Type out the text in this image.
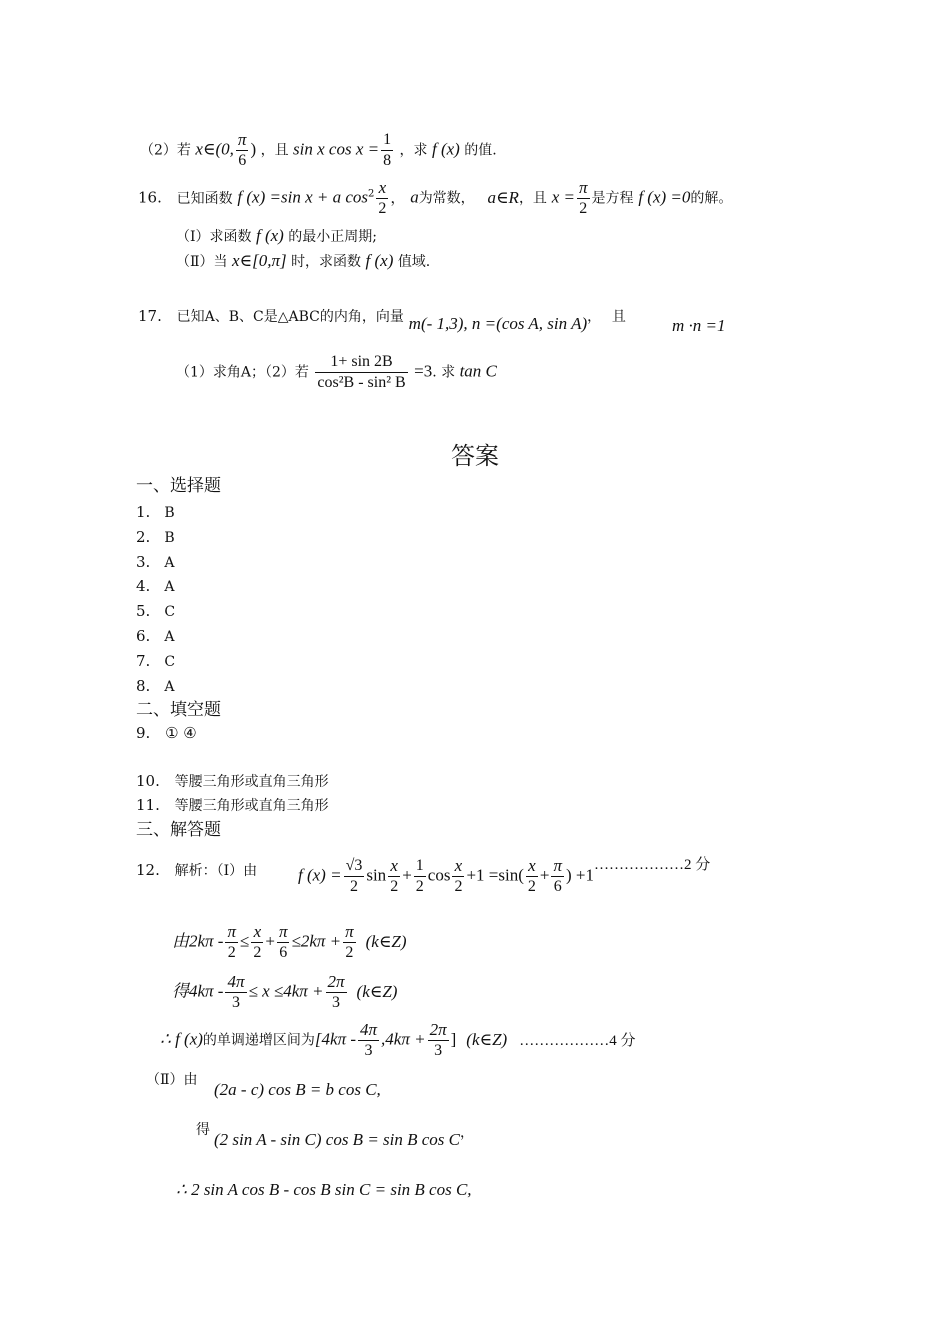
（2）若 x∈(0, $\frac{\pi}{6}$ ) ，且 sin x $\cos x = \frac{1}{8}$ ，求 f (x) 的值.
16. 已知函数 f (x) =sin x + a $\cos^2 \frac{x}{2}$ ， a为常数， a∈R，且 $x = \frac{\pi}{2}$ 是方程 f (x) =0的解。
（Ⅰ）求函数 f (x) 的最小正周期;
（Ⅱ）当 x∈[0,π] 时，求函数 f (x) 值域.
17. 已知A、B、C是△ABC的内角，向量 m(- 1,3), n =(cos A, sin A)， 且	m ·n =1
（1）求角A；（2）若 $\frac{1+ \sin 2B}{\text{cos²B - sin² B}} =3$. 求 tan C
答案
一、选择题
1. B
2. B
3. A
4. A
5. C
6. A
7. C
8. A
二、填空题
9. ① ④
10. 等腰三角形或直角三角形
11. 等腰三角形或直角三角形
三、解答题
12. 解析：（Ⅰ）由 f $(x) = \frac{√3}{2}$ $\sin \frac{x}{2} + \frac{1}{2}$ $\cos \frac{x}{2} +1 =\sin( \frac{x}{2} + \frac{\pi}{6}$ ) +1………………2 分
由$2k\pi - \frac{\pi}{2} \le \frac{x}{2} + \frac{\pi}{6} \le 2k\pi + \frac{\pi}{2}$ (k∈Z)
得$4k\pi - \frac{4\pi}{3} \le x \le 4k\pi + \frac{2\pi}{3}$ (k∈Z)
∴ f (x)的单调递增区间为[$4k\pi - \frac{4\pi}{3} ,4k\pi + \frac{2\pi}{3}$ ] (k∈Z) ………………4 分
（Ⅱ）由 (2a - c) cos B = b cos C,
得 (2 sin A - sin C) cos B = sin B cos C，
∴ 2 sin A cos B - cos B sin C = sin B cos C,
